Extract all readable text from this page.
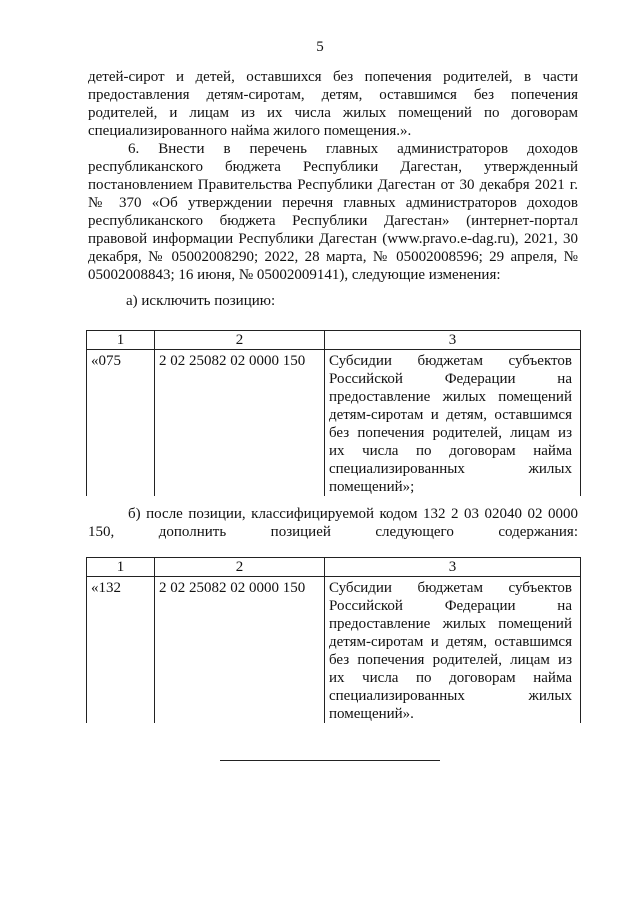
5
детей-сирот и детей, оставшихся без попечения родителей, в части предоставления детям-сиротам, детям, оставшимся без попечения родителей, и лицам из их числа жилых помещений по договорам специализированного найма жилого помещения.».
6. Внести в перечень главных администраторов доходов республиканского бюджета Республики Дагестан, утвержденный постановлением Правительства Республики Дагестан от 30 декабря 2021 г. № 370 «Об утверждении перечня главных администраторов доходов республиканского бюджета Республики Дагестан» (интернет-портал правовой информации Республики Дагестан (www.pravo.e-dag.ru), 2021, 30 декабря, № 05002008290; 2022, 28 марта, № 05002008596; 29 апреля, № 05002008843; 16 июня, № 05002009141), следующие изменения:
а) исключить позицию:
1	2	3
«075	2 02 25082 02 0000 150	Субсидии бюджетам субъектов Российской Федерации на предоставление жилых помещений детям-сиротам и детям, оставшимся без попечения родителей, лицам из их числа по договорам найма специализированных жилых помещений»;
б) после позиции, классифицируемой кодом 132 2 03 02040 02 0000 150, дополнить позицией следующего содержания:
1	2	3
«132	2 02 25082 02 0000 150	Субсидии бюджетам субъектов Российской Федерации на предоставление жилых помещений детям-сиротам и детям, оставшимся без попечения родителей, лицам из их числа по договорам найма специализированных жилых помещений».
